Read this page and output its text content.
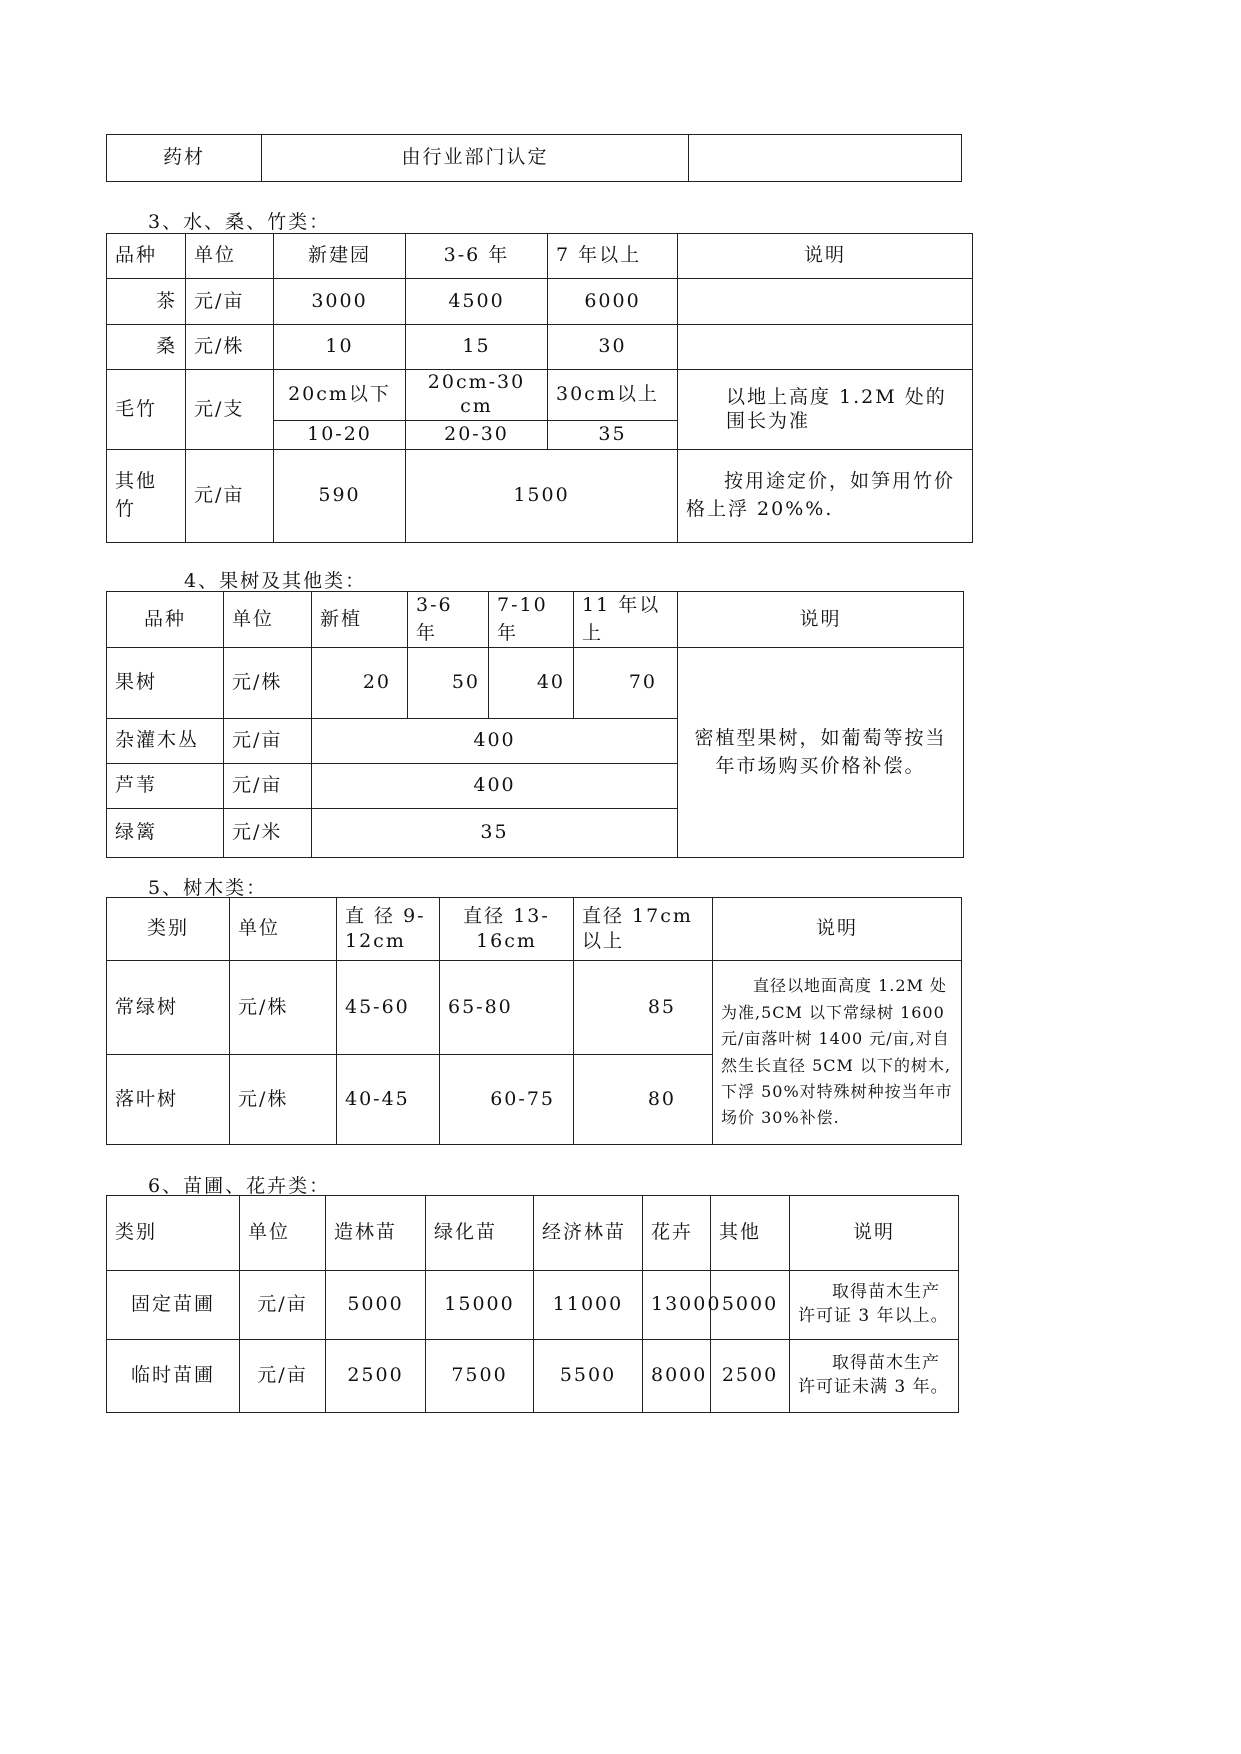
药材	由行业部门认定	
3、水、桑、竹类：
品种	单位	新建园	3-6 年	7 年以上	说明
茶	元/亩	3000	4500	6000	
桑	元/株	10	15	30	
毛竹	元/支	20cm以下	20cm-30 cm	30cm以上	以地上高度 1.2M 处的围长为准
		10-20	20-30	35	
其他竹	元/亩	590	1500		按用途定价，如笋用竹价格上浮 20%%.
4、果树及其他类：
品种	单位	新植	3-6 年	7-10 年	11 年以上	说明
果树	元/株	20	50	40	70	密植型果树，如葡萄等按当年市场购买价格补偿。
杂灌木丛	元/亩	400				
芦苇	元/亩	400				
绿篱	元/米	35				
5、树木类：
类别	单位	直 径 9-12cm	直径 13-16cm	直径 17cm 以上	说明
常绿树	元/株	45-60	65-80	85	直径以地面高度 1.2M 处为准,5CM 以下常绿树 1600 元/亩落叶树 1400 元/亩,对自然生长直径 5CM 以下的树木,下浮 50%对特殊树种按当年市场价 30%补偿.
落叶树	元/株	40-45	60-75	80	
6、苗圃、花卉类：
类别	单位	造林苗	绿化苗	经济林苗	花卉	其他	说明
固定苗圃	元/亩	5000	15000	11000	13000	5000	取得苗木生产许可证 3 年以上。
临时苗圃	元/亩	2500	7500	5500	8000	2500	取得苗木生产许可证未满 3 年。
